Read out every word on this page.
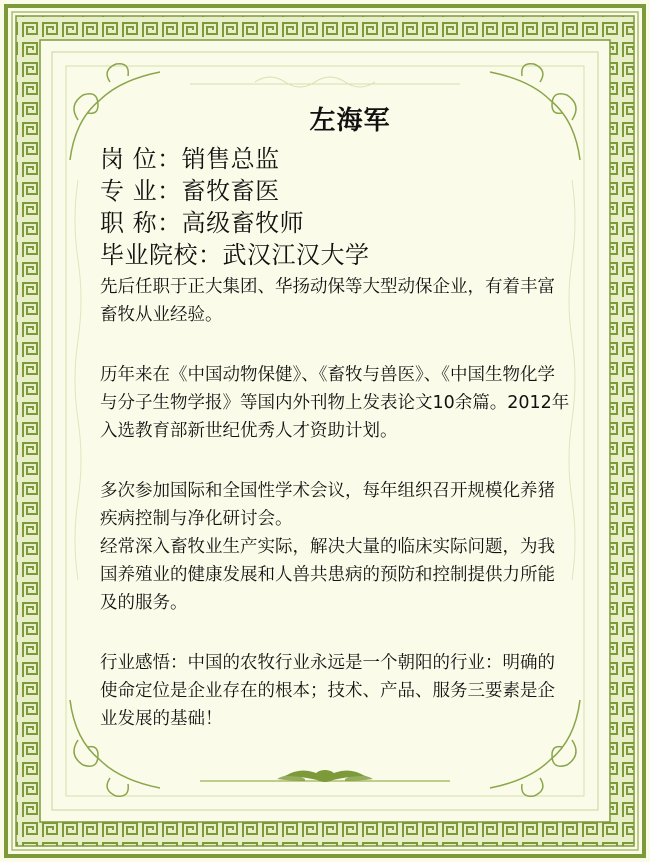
左海军
岗 位：销售总监
专 业：畜牧畜医
职 称：高级畜牧师
毕业院校：武汉江汉大学

先后任职于正大集团、华扬动保等大型动保企业，有着丰富畜牧从业经验。

历年来在《中国动物保健》、《畜牧与兽医》、《中国生物化学与分子生物学报》等国内外刊物上发表论文10余篇。2012年入选教育部新世纪优秀人才资助计划。

多次参加国际和全国性学术会议，每年组织召开规模化养猪疾病控制与净化研讨会。

经常深入畜牧业生产实际，解决大量的临床实际问题，为我国养殖业的健康发展和人兽共患病的预防和控制提供力所能及的服务。

行业感悟：中国的农牧行业永远是一个朝阳的行业：明确的使命定位是企业存在的根本；技术、产品、服务三要素是企业发展的基础！
